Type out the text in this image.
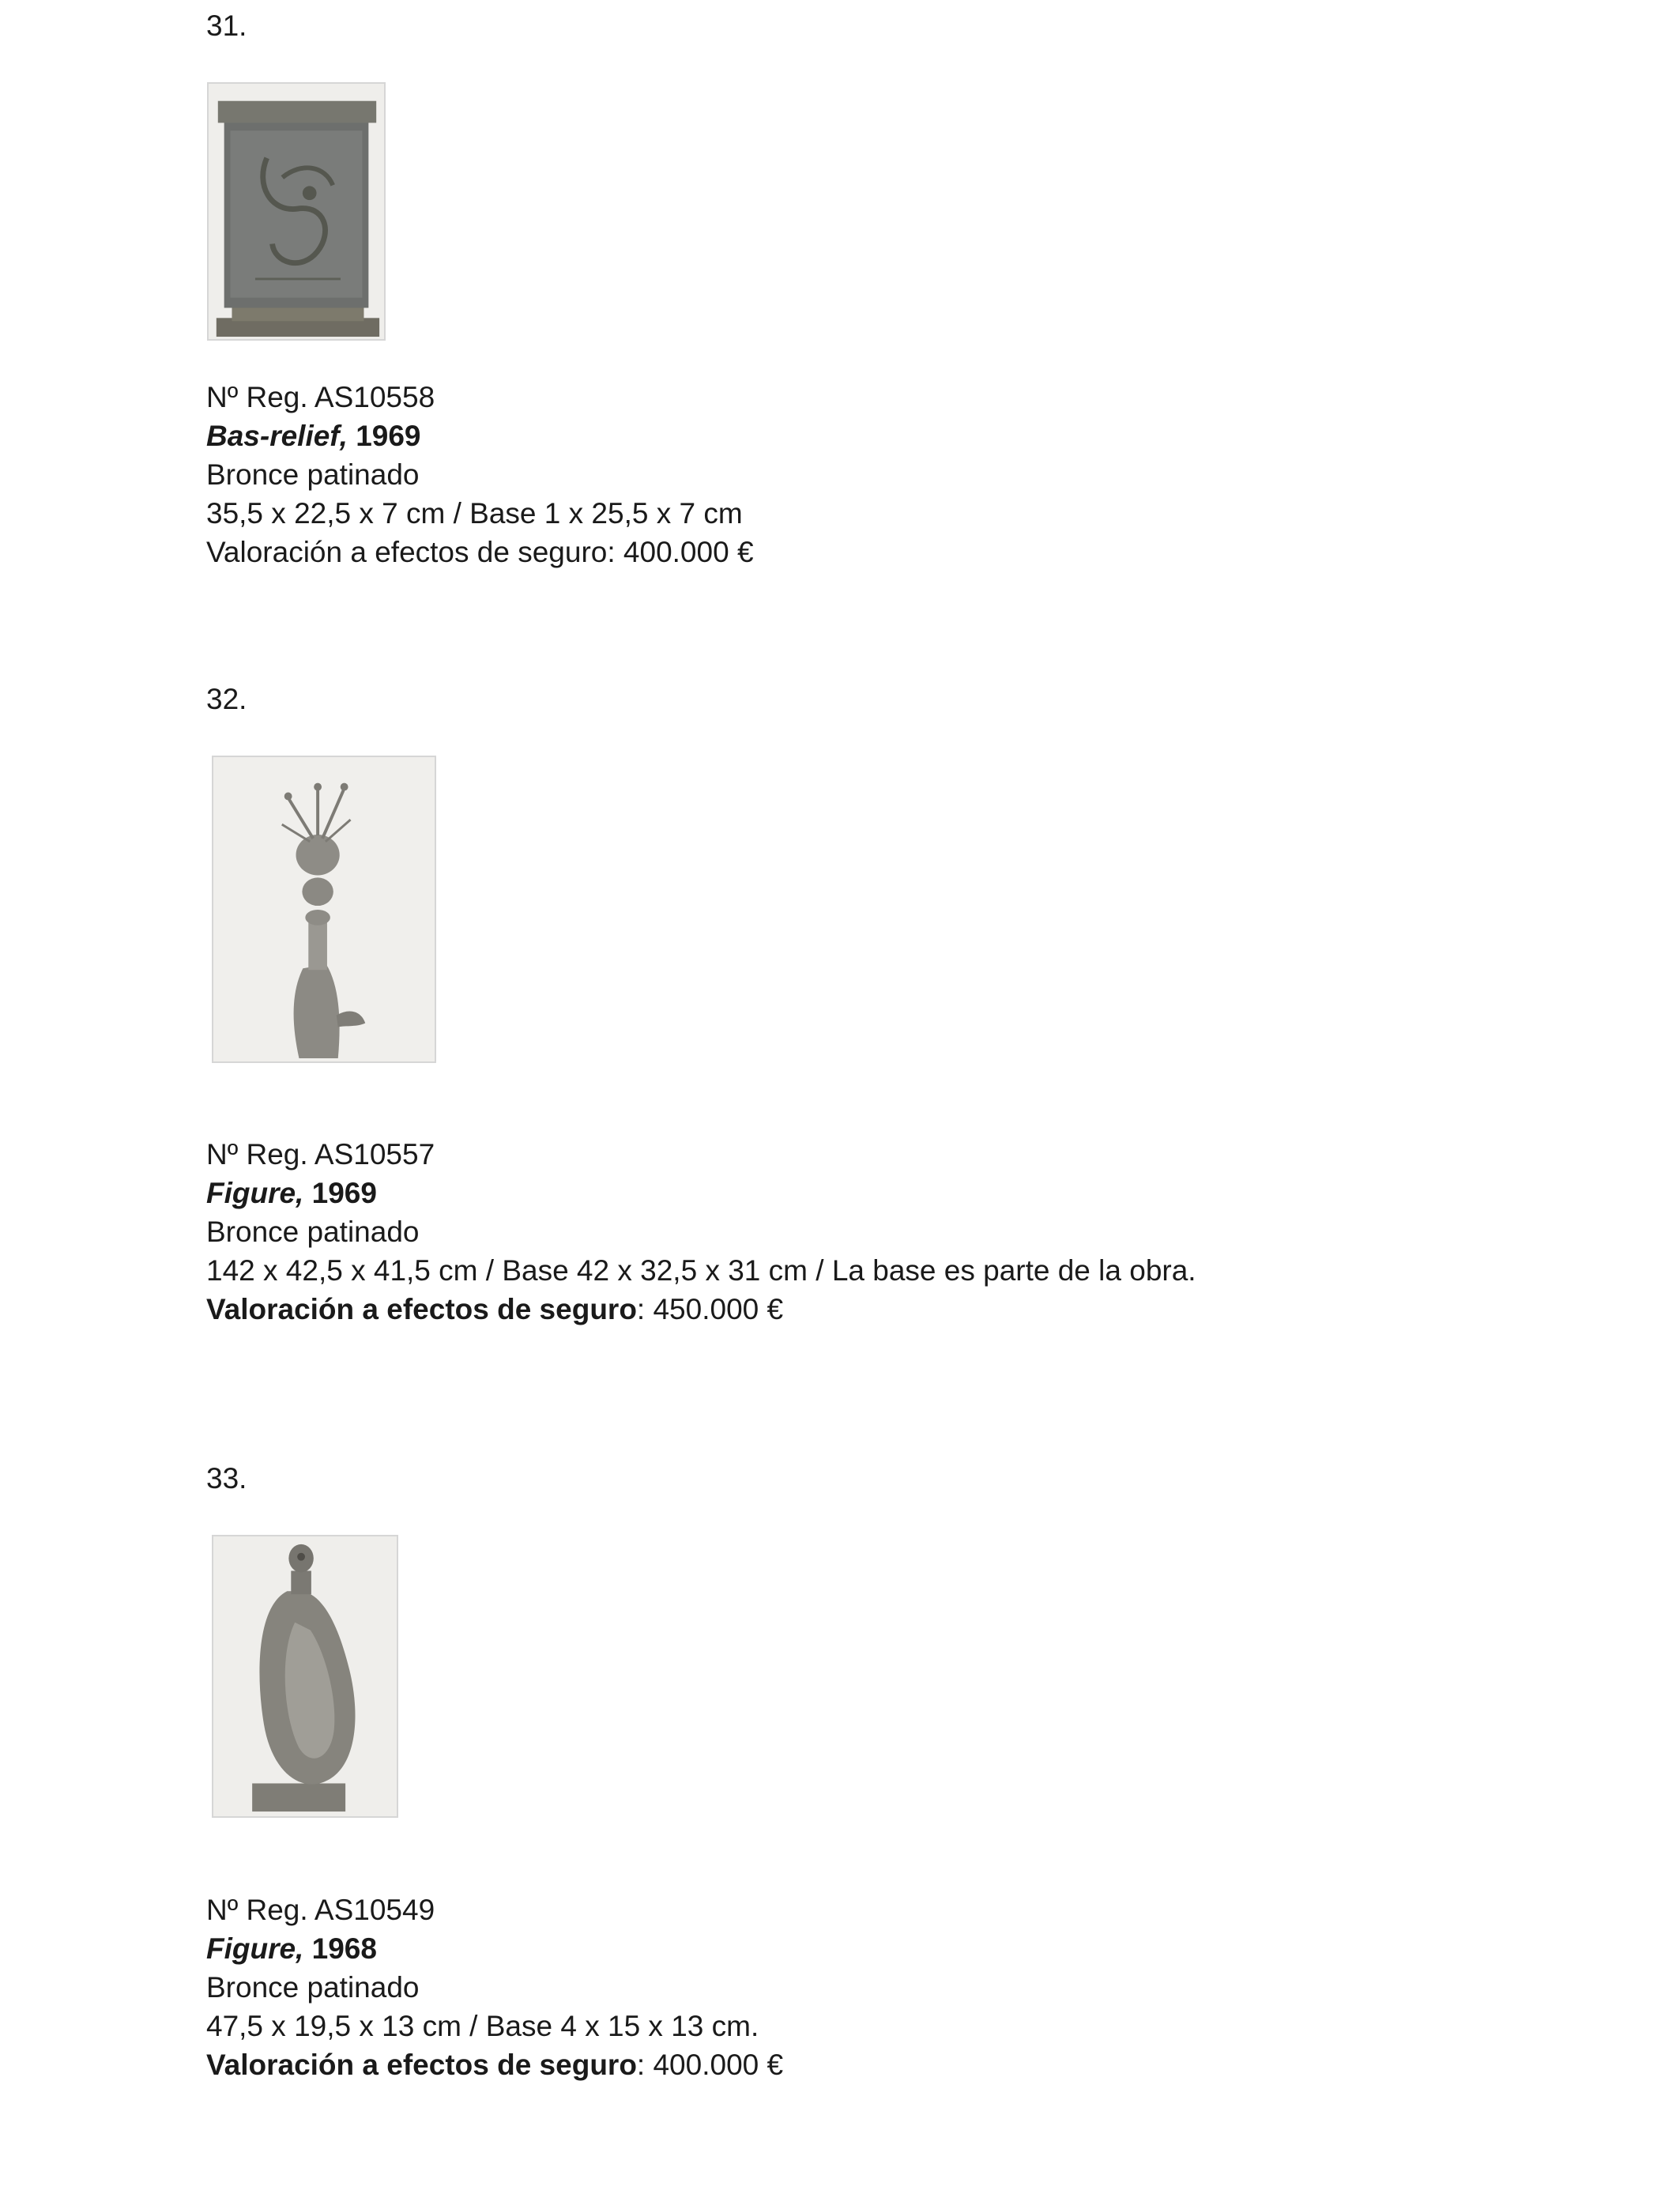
31.
Nº Reg. AS10558
Bas-relief, 1969
Bronce patinado
35,5 x 22,5 x 7 cm / Base 1 x 25,5 x 7 cm
Valoración a efectos de seguro: 400.000 €
32.
Nº Reg. AS10557
Figure, 1969
Bronce patinado
142 x 42,5 x 41,5 cm / Base 42 x 32,5 x 31 cm / La base es parte de la obra.
Valoración a efectos de seguro: 450.000 €
33.
Nº Reg. AS10549
Figure, 1968
Bronce patinado
47,5 x 19,5 x 13 cm / Base 4 x 15 x 13 cm.
Valoración a efectos de seguro: 400.000 €
